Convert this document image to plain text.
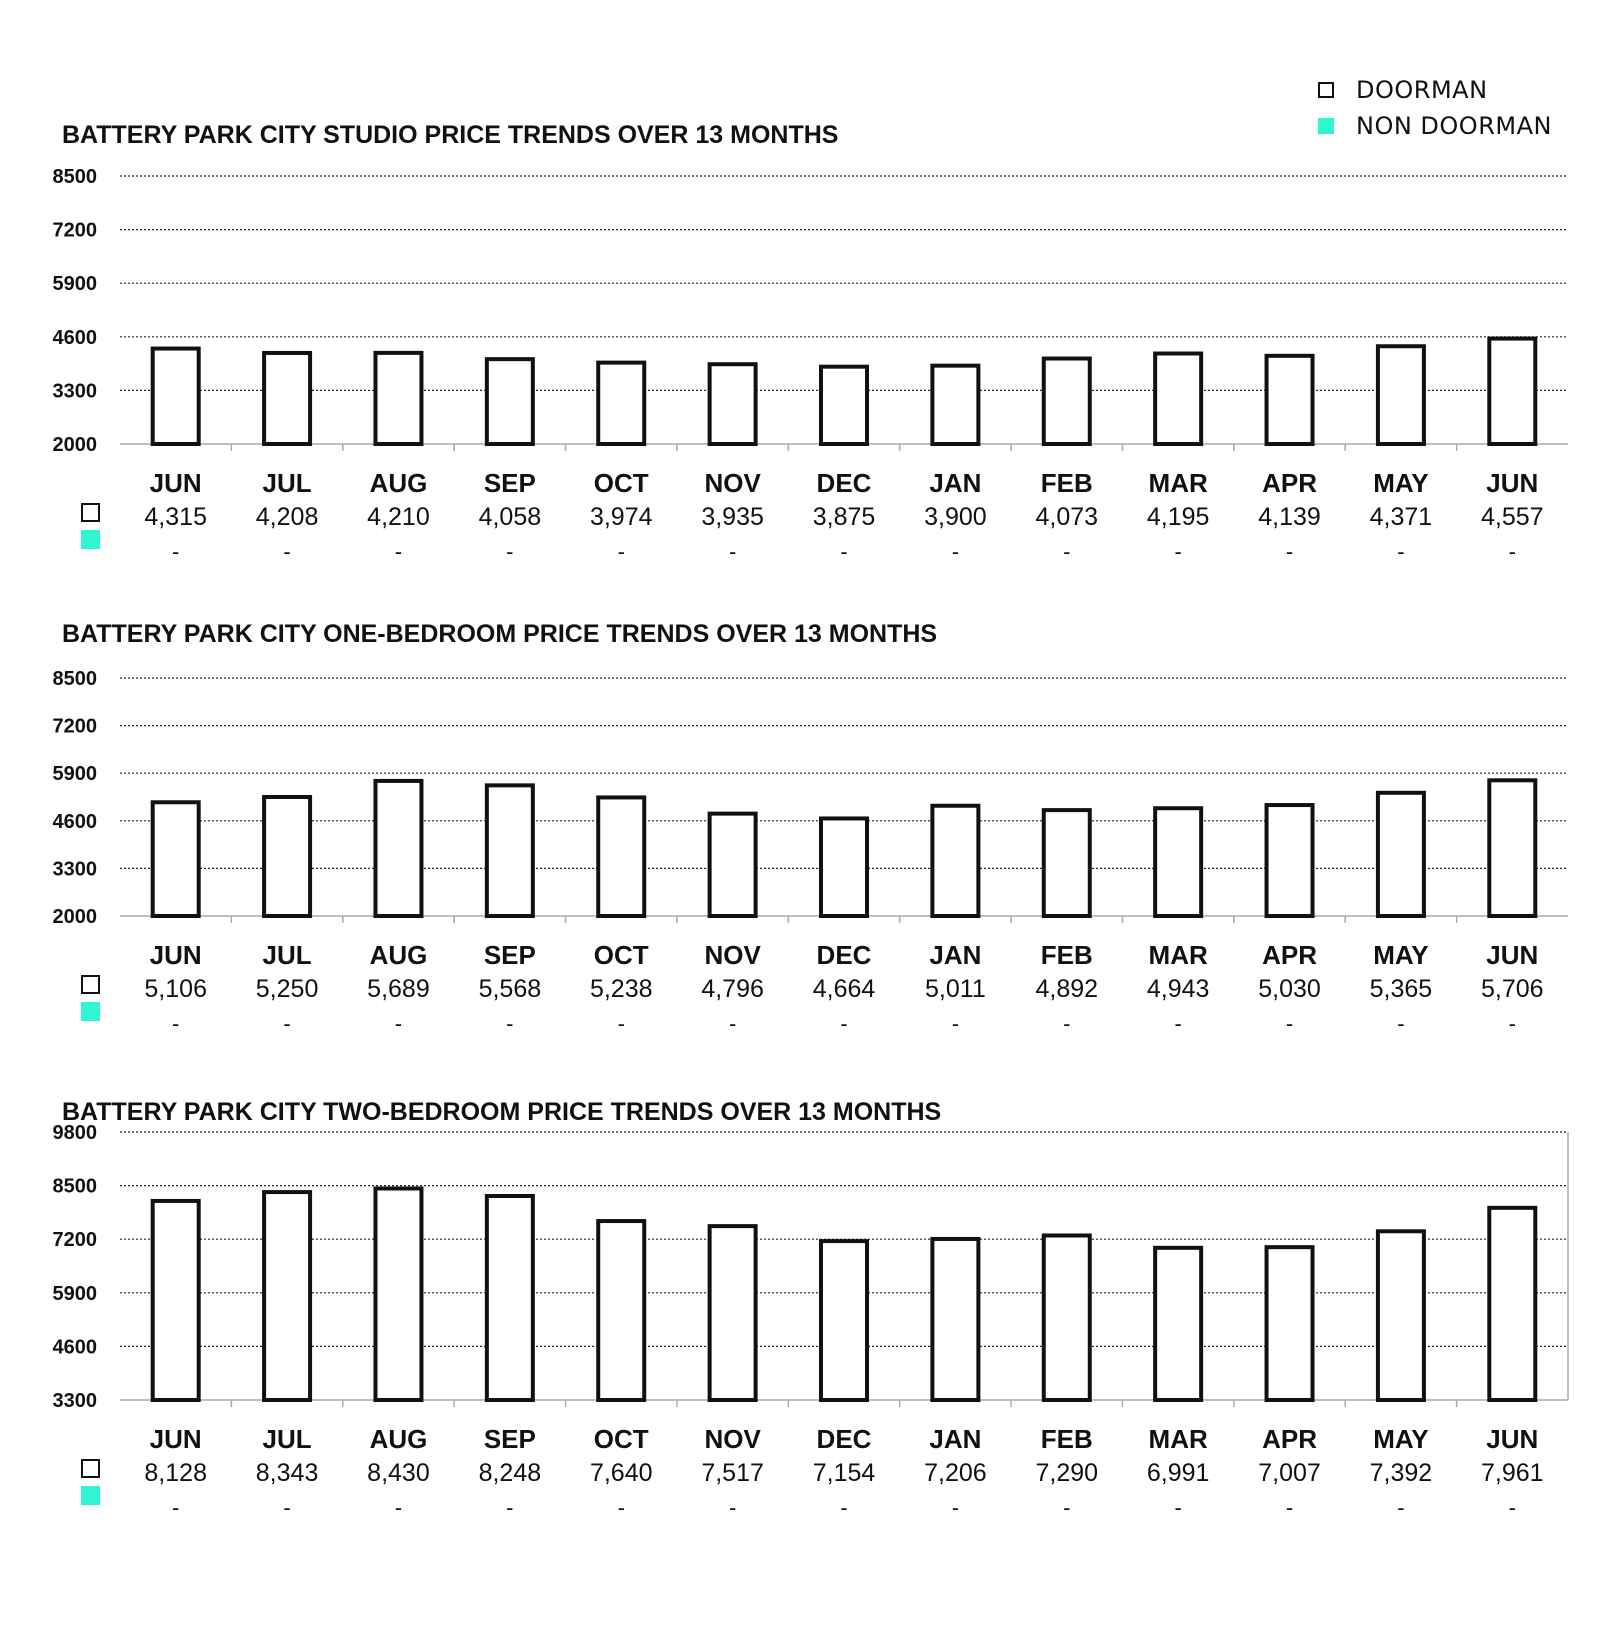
DOORMAN
NON DOORMAN
BATTERY PARK CITY STUDIO PRICE TRENDS OVER 13 MONTHS
2000
3300
4600
5900
7200
8500
JUN
4,315
-
JUL
4,208
-
AUG
4,210
-
SEP
4,058
-
OCT
3,974
-
NOV
3,935
-
DEC
3,875
-
JAN
3,900
-
FEB
4,073
-
MAR
4,195
-
APR
4,139
-
MAY
4,371
-
JUN
4,557
-
BATTERY PARK CITY ONE-BEDROOM PRICE TRENDS OVER 13 MONTHS
2000
3300
4600
5900
7200
8500
JUN
5,106
-
JUL
5,250
-
AUG
5,689
-
SEP
5,568
-
OCT
5,238
-
NOV
4,796
-
DEC
4,664
-
JAN
5,011
-
FEB
4,892
-
MAR
4,943
-
APR
5,030
-
MAY
5,365
-
JUN
5,706
-
BATTERY PARK CITY TWO-BEDROOM PRICE TRENDS OVER 13 MONTHS
3300
4600
5900
7200
8500
9800
JUN
8,128
-
JUL
8,343
-
AUG
8,430
-
SEP
8,248
-
OCT
7,640
-
NOV
7,517
-
DEC
7,154
-
JAN
7,206
-
FEB
7,290
-
MAR
6,991
-
APR
7,007
-
MAY
7,392
-
JUN
7,961
-
